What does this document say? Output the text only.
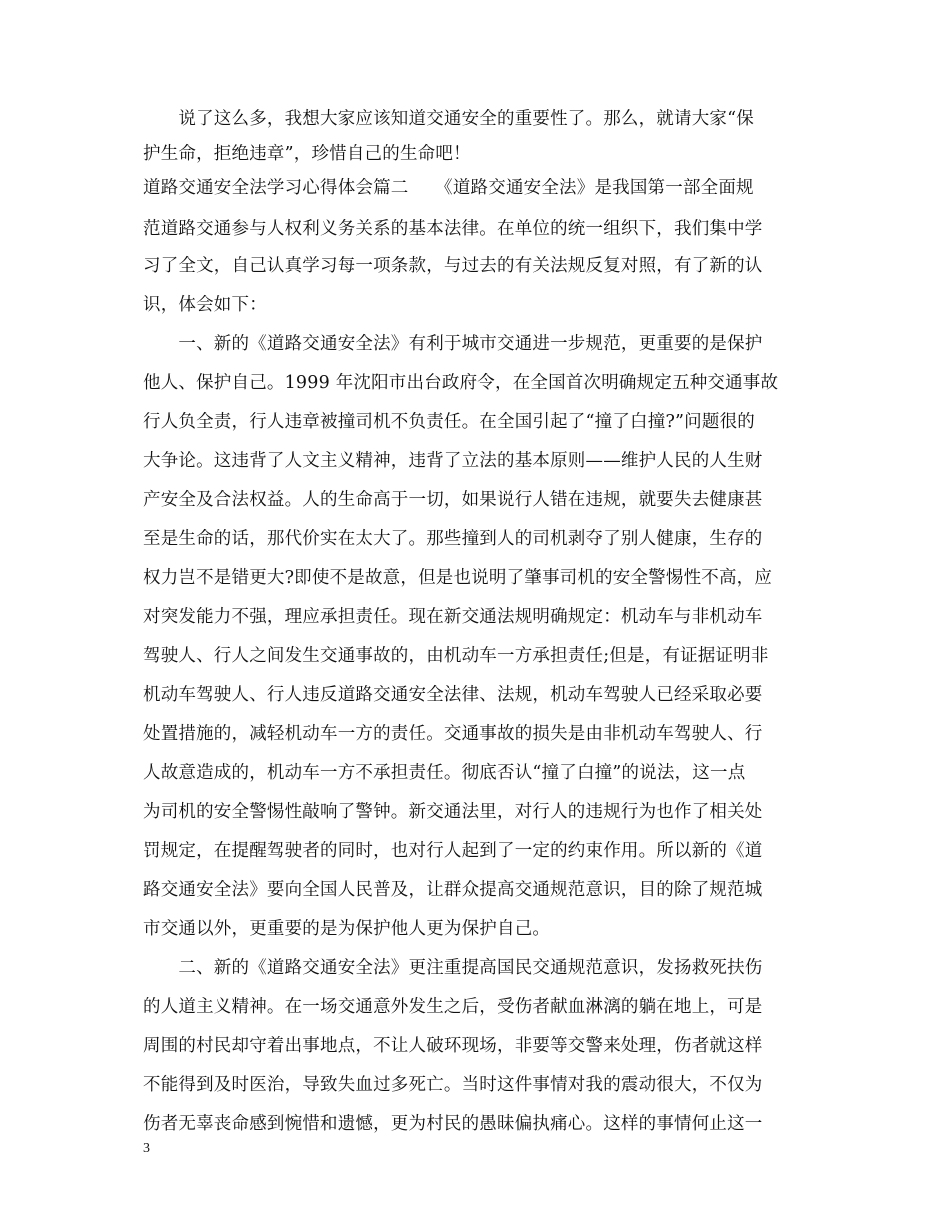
　　说了这么多，我想大家应该知道交通安全的重要性了。那么，就请大家“保
护生命，拒绝违章”，珍惜自己的生命吧！
道路交通安全法学习心得体会篇二　　《道路交通安全法》是我国第一部全面规
范道路交通参与人权利义务关系的基本法律。在单位的统一组织下，我们集中学
习了全文，自己认真学习每一项条款，与过去的有关法规反复对照，有了新的认
识，体会如下：
　　一、新的《道路交通安全法》有利于城市交通进一步规范，更重要的是保护
他人、保护自己。1999 年沈阳市出台政府令，在全国首次明确规定五种交通事故
行人负全责，行人违章被撞司机不负责任。在全国引起了“撞了白撞?”问题很的
大争论。这违背了人文主义精神，违背了立法的基本原则——维护人民的人生财
产安全及合法权益。人的生命高于一切，如果说行人错在违规，就要失去健康甚
至是生命的话，那代价实在太大了。那些撞到人的司机剥夺了别人健康，生存的
权力岂不是错更大?即使不是故意，但是也说明了肇事司机的安全警惕性不高，应
对突发能力不强，理应承担责任。现在新交通法规明确规定：机动车与非机动车
驾驶人、行人之间发生交通事故的，由机动车一方承担责任;但是，有证据证明非
机动车驾驶人、行人违反道路交通安全法律、法规，机动车驾驶人已经采取必要
处置措施的，减轻机动车一方的责任。交通事故的损失是由非机动车驾驶人、行
人故意造成的，机动车一方不承担责任。彻底否认“撞了白撞”的说法，这一点
为司机的安全警惕性敲响了警钟。新交通法里，对行人的违规行为也作了相关处
罚规定，在提醒驾驶者的同时，也对行人起到了一定的约束作用。所以新的《道
路交通安全法》要向全国人民普及，让群众提高交通规范意识，目的除了规范城
市交通以外，更重要的是为保护他人更为保护自己。
　　二、新的《道路交通安全法》更注重提高国民交通规范意识，发扬救死扶伤
的人道主义精神。在一场交通意外发生之后，受伤者献血淋漓的躺在地上，可是
周围的村民却守着出事地点，不让人破环现场，非要等交警来处理，伤者就这样
不能得到及时医治，导致失血过多死亡。当时这件事情对我的震动很大，不仅为
伤者无辜丧命感到惋惜和遗憾，更为村民的愚昧偏执痛心。这样的事情何止这一
3
